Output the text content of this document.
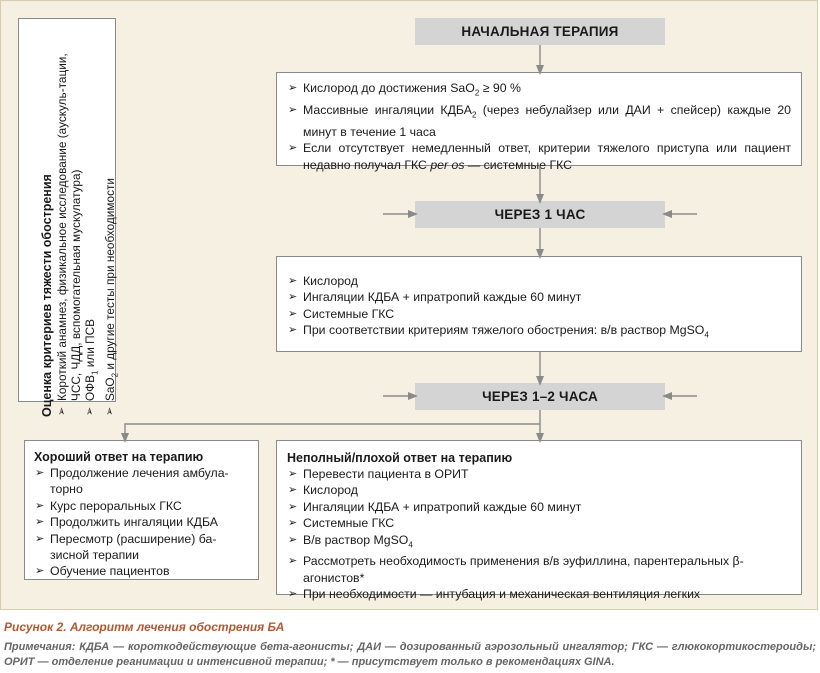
Оценка критериев тяжести обострения ➢ Короткий анамнез, физикальное исследование (аускуль-тации, ЧСС, ЧДД, вспомогательная мускулатура) ➢ $ОФВ_1$ или ПСВ
➢ SaO$_2$ и другие тесты при необходимости
НАЧАЛЬНАЯ ТЕРАПИЯ
➢ Кислород до достижения SaO$_2$ ≥ 90 %
➢ Массивные ингаляции $КДБА_2$ (через небулайзер или ДАИ + спейсер) каждые 20 минут в течение 1 часа
➢ Если отсутствует немедленный ответ, критерии тяжелого приступа или пациент недавно получал ГКС per os — системные ГКС
ЧЕРЕЗ 1 ЧАС
➢ Кислород
➢ Ингаляции КДБА + ипратропий каждые 60 минут
➢ Системные ГКС
➢ При соответствии критериям тяжелого обострения: в/в раствор MgSO$_4$
ЧЕРЕЗ 1–2 ЧАСА
Хороший ответ на терапию
➢ Продолжение лечения амбула-торно
➢ Курс пероральных ГКС
➢ Продолжить ингаляции КДБА
➢ Пересмотр (расширение) ба-зисной терапии
➢ Обучение пациентов
Неполный/плохой ответ на терапию
➢ Перевести пациента в ОРИТ
➢ Кислород
➢ Ингаляции КДБА + ипратропий каждые 60 минут
➢ Системные ГКС
➢ В/в раствор MgSO$_4$
➢ Рассмотреть необходимость применения в/в эуфиллина, парентеральных β-агонистов*
➢ При необходимости — интубация и механическая вентиляция легких
Рисунок 2. Алгоритм лечения обострения БА
Примечания: КДБА — короткодействующие бета-агонисты; ДАИ — дозированный аэрозольный ингалятор; ГКС — глюкокортикостероиды; ОРИТ — отделение реанимации и интенсивной терапии; * — присутствует только в рекомендациях GINA.
